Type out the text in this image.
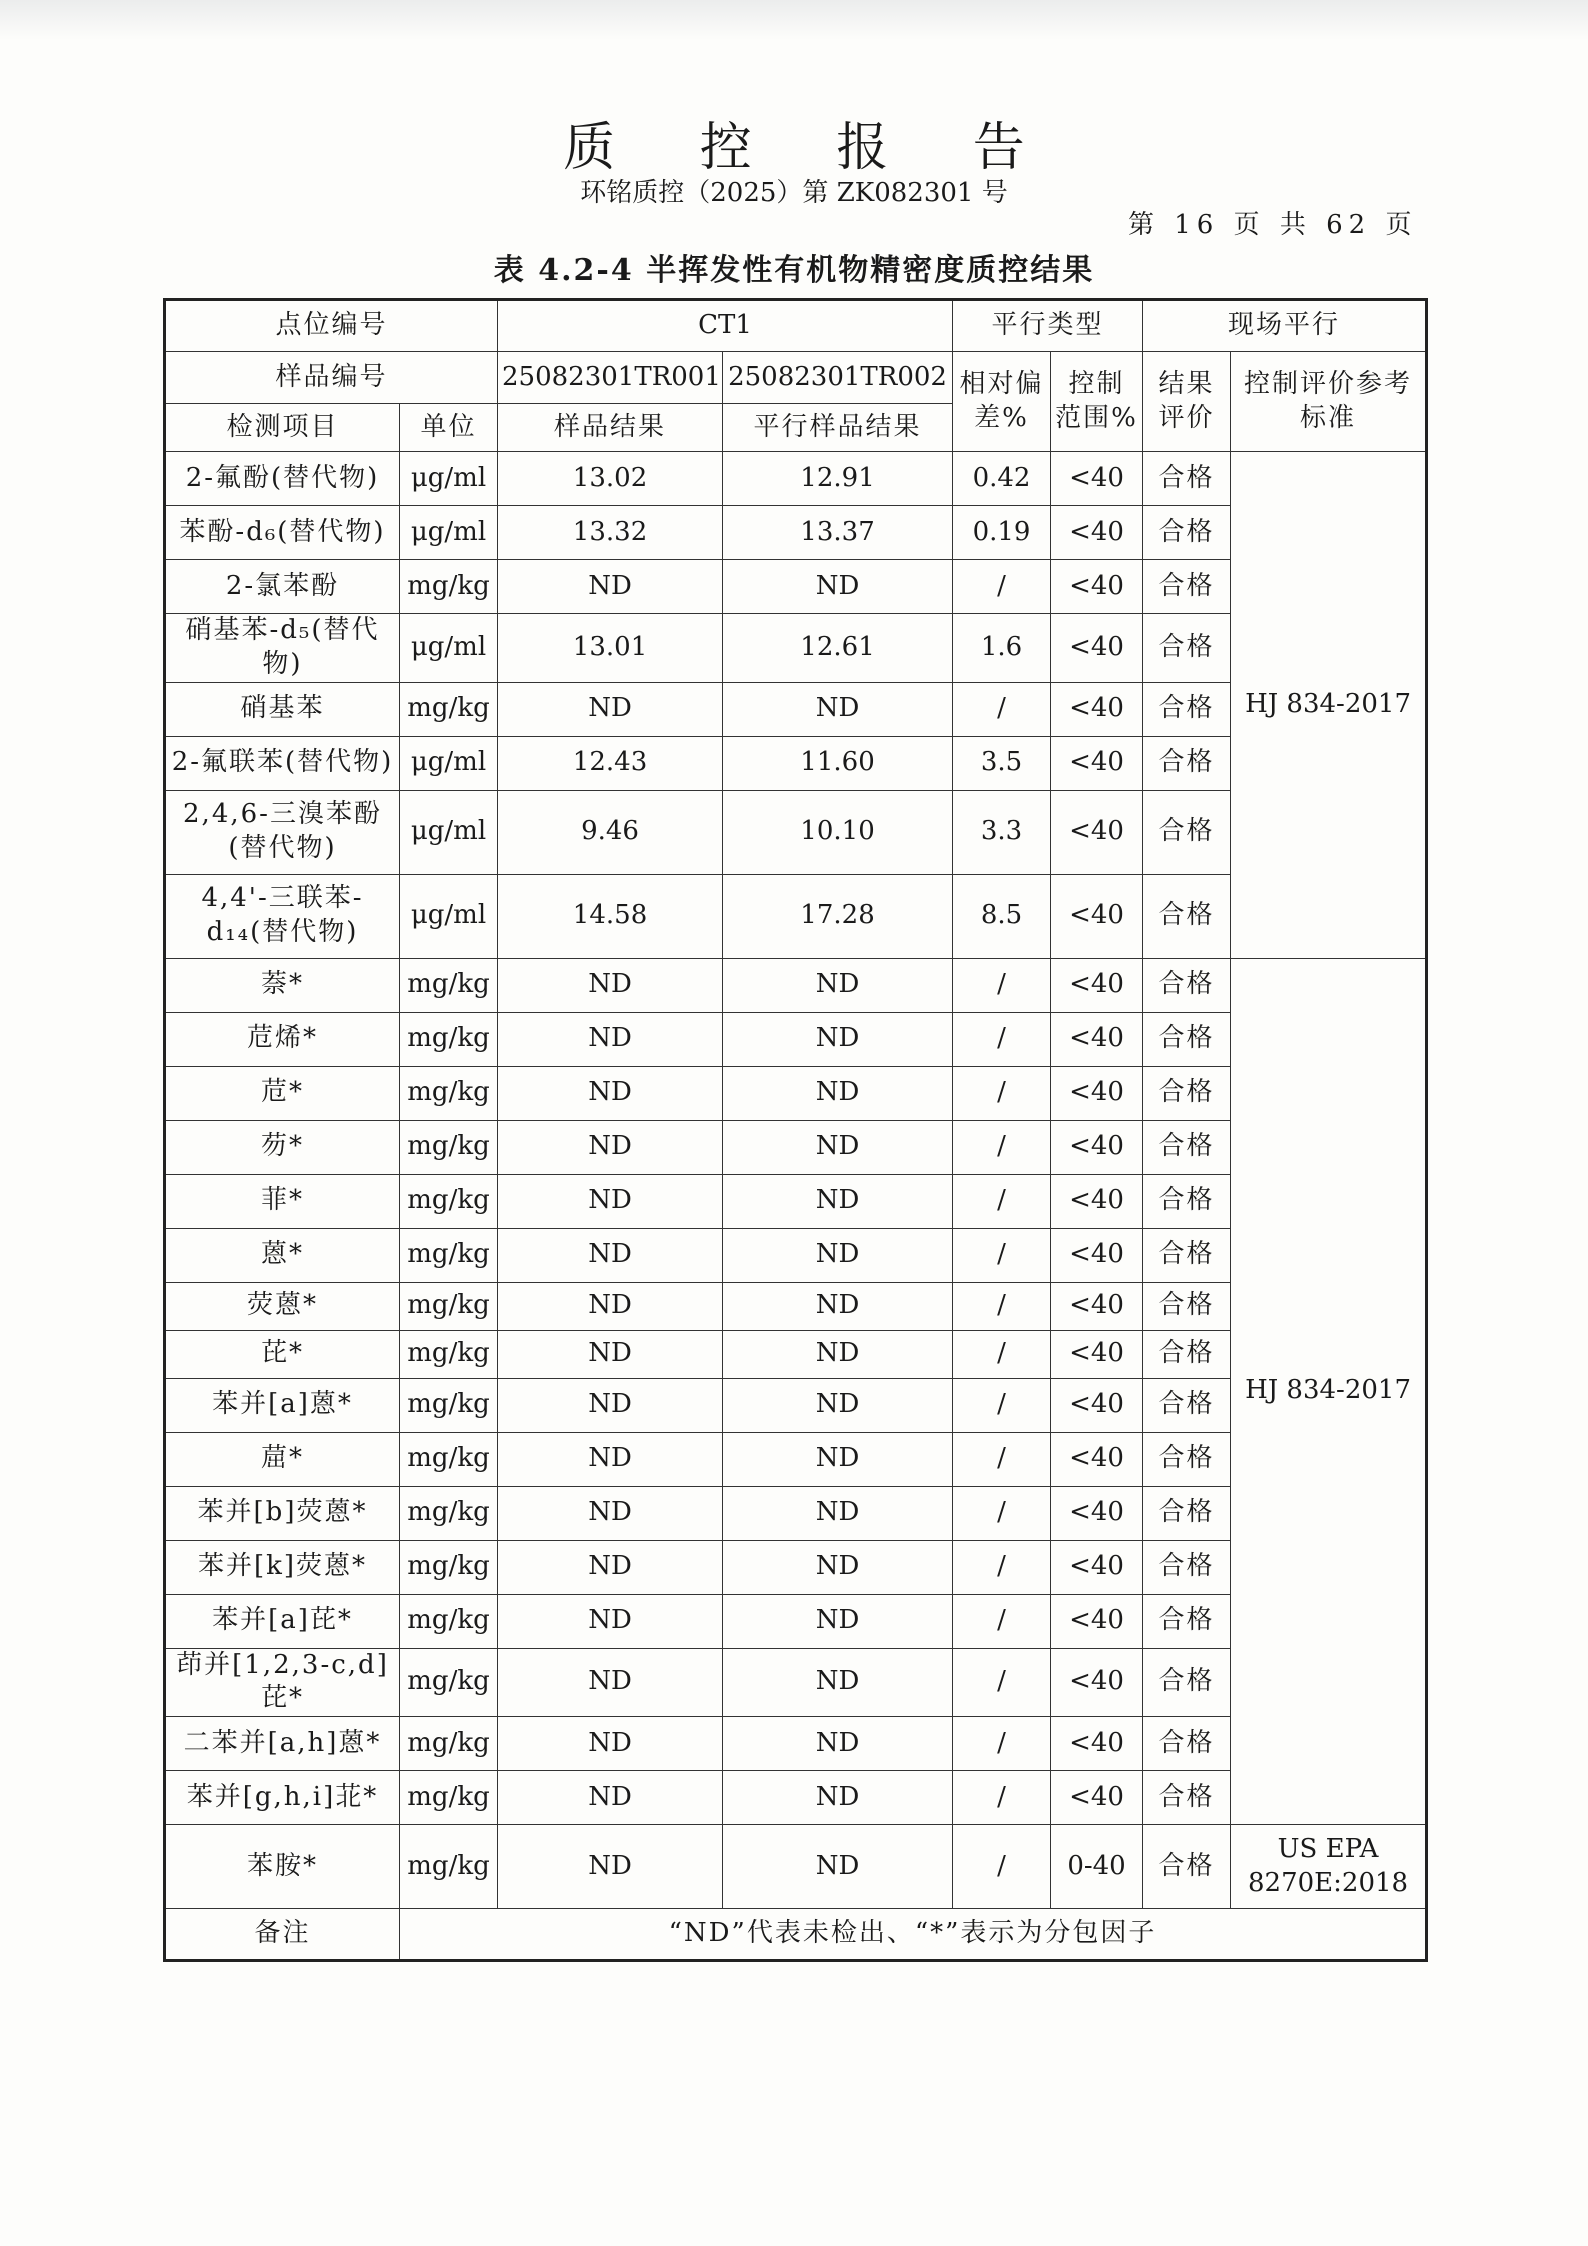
质 控 报 告
环铭质控（2025）第 ZK082301 号
第 16 页 共 62 页
表 4.2-4 半挥发性有机物精密度质控结果
点位编号		CT1		平行类型		现场平行	
样品编号		25082301TR001	25082301TR002	相对偏差%	控制范围%	结果评价	控制评价参考标准
检测项目	单位	样品结果	平行样品结果				
2-氟酚(替代物)	μg/ml	13.02	12.91	0.42	<40	合格	HJ 834-2017
苯酚-d₆(替代物)	μg/ml	13.32	13.37	0.19	<40	合格	
2-氯苯酚	mg/kg	ND	ND	/	<40	合格	
硝基苯-d₅(替代物)	μg/ml	13.01	12.61	1.6	<40	合格	
硝基苯	mg/kg	ND	ND	/	<40	合格	
2-氟联苯(替代物)	μg/ml	12.43	11.60	3.5	<40	合格	
2,4,6-三溴苯酚(替代物)	μg/ml	9.46	10.10	3.3	<40	合格	
4,4'-三联苯-d₁₄(替代物)	μg/ml	14.58	17.28	8.5	<40	合格	
萘*	mg/kg	ND	ND	/	<40	合格	HJ 834-2017
苊烯*	mg/kg	ND	ND	/	<40	合格	
苊*	mg/kg	ND	ND	/	<40	合格	
芴*	mg/kg	ND	ND	/	<40	合格	
菲*	mg/kg	ND	ND	/	<40	合格	
蒽*	mg/kg	ND	ND	/	<40	合格	
荧蒽*	mg/kg	ND	ND	/	<40	合格	
芘*	mg/kg	ND	ND	/	<40	合格	
苯并[a]蒽*	mg/kg	ND	ND	/	<40	合格	
䓛*	mg/kg	ND	ND	/	<40	合格	
苯并[b]荧蒽*	mg/kg	ND	ND	/	<40	合格	
苯并[k]荧蒽*	mg/kg	ND	ND	/	<40	合格	
苯并[a]芘*	mg/kg	ND	ND	/	<40	合格	
茚并[1,2,3-c,d]芘*	mg/kg	ND	ND	/	<40	合格	
二苯并[a,h]蒽*	mg/kg	ND	ND	/	<40	合格	
苯并[g,h,i]苝*	mg/kg	ND	ND	/	<40	合格	
苯胺*	mg/kg	ND	ND	/	0-40	合格	US EPA 8270E:2018
备注	“ND”代表未检出、“*”表示为分包因子						
